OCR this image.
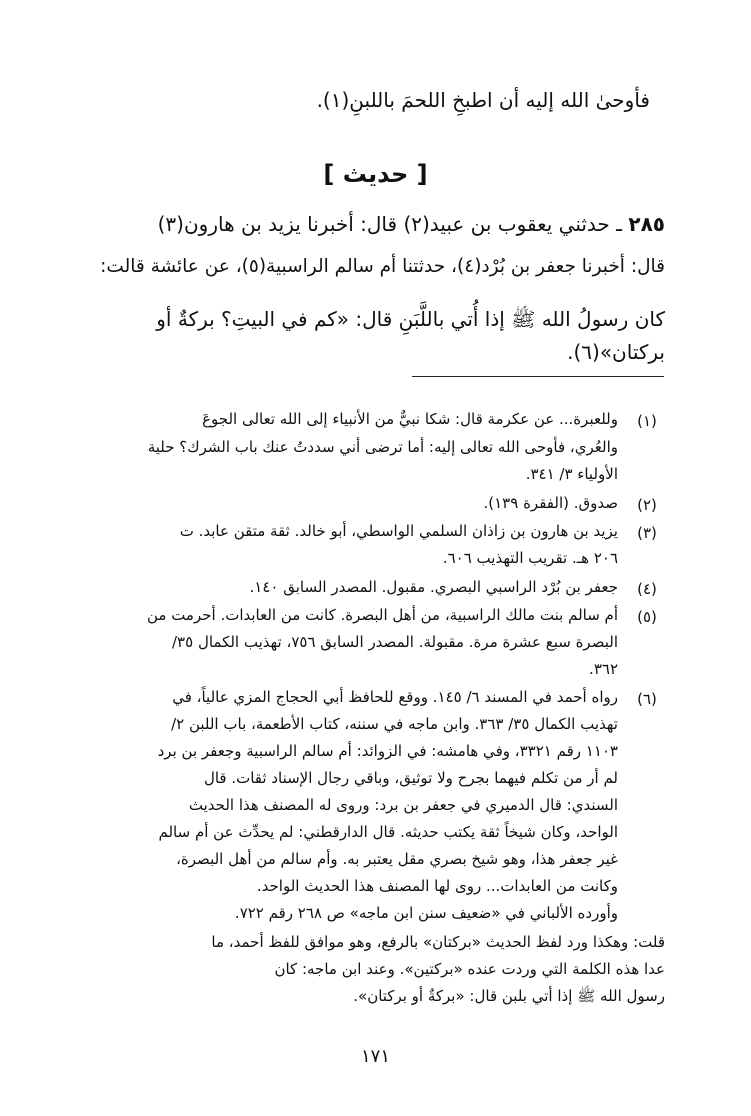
فأوحىٰ الله إليه أن اطبخِ اللحمَ باللبنِ(١).
[ حديث ]
٢٨٥ ـ حدثني يعقوب بن عبيد(٢) قال: أخبرنا يزيد بن هارون(٣)
قال: أخبرنا جعفر بن بُرْد(٤)، حدثتنا أم سالم الراسبية(٥)، عن عائشة قالت:
كان رسولُ الله ﷺ إذا أُتي باللَّبَنِ قال: «كم في البيتِ؟ بركةٌ أو
بركتان»(٦).
(١)
وللعبرة... عن عكرمة قال: شكا نبيٌّ من الأنبياء إلى الله تعالى الجوعَ
والعُري، فأوحى الله تعالى إليه: أما ترضى أني سددتُ عنك باب الشرك؟ حلية
الأولياء ٣/ ٣٤١.
(٢)
صدوق. (الفقرة ١٣٩).
(٣)
يزيد بن هارون بن زاذان السلمي الواسطي، أبو خالد. ثقة متقن عابد. ت
٢٠٦ هـ. تقريب التهذيب ٦٠٦.
(٤)
جعفر بن بُرْد الراسبي البصري. مقبول. المصدر السابق ١٤٠.
(٥)
أم سالم بنت مالك الراسبية، من أهل البصرة. كانت من العابدات. أحرمت من
البصرة سبع عشرة مرة. مقبولة. المصدر السابق ٧٥٦، تهذيب الكمال ٣٥/
٣٦٢.
(٦)
رواه أحمد في المسند ٦/ ١٤٥. ووقع للحافظ أبي الحجاج المزي عالياً، في
تهذيب الكمال ٣٥/ ٣٦٣. وابن ماجه في سننه، كتاب الأطعمة، باب اللبن ٢/
١١٠٣ رقم ٣٣٢١، وفي هامشه: في الزوائد: أم سالم الراسبية وجعفر بن برد
لم أر من تكلم فيهما بجرح ولا توثيق، وباقي رجال الإسناد ثقات. قال
السندي: قال الدميري في جعفر بن برد: وروى له المصنف هذا الحديث
الواحد، وكان شيخاً ثقة يكتب حديثه. قال الدارقطني: لم يحدِّث عن أم سالم
غير جعفر هذا، وهو شيخ بصري مقل يعتبر به. وأم سالم من أهل البصرة،
وكانت من العابدات... روى لها المصنف هذا الحديث الواحد.
وأورده الألباني في «ضعيف سنن ابن ماجه» ص ٢٦٨ رقم ٧٢٢.
قلت: وهكذا ورد لفظ الحديث «بركتان» بالرفع، وهو موافق للفظ أحمد، ما
عدا هذه الكلمة التي وردت عنده «بركتين». وعند ابن ماجه: كان
رسول الله ﷺ إذا أتي بلبن قال: «بركةٌ أو بركتان».
١٧١
